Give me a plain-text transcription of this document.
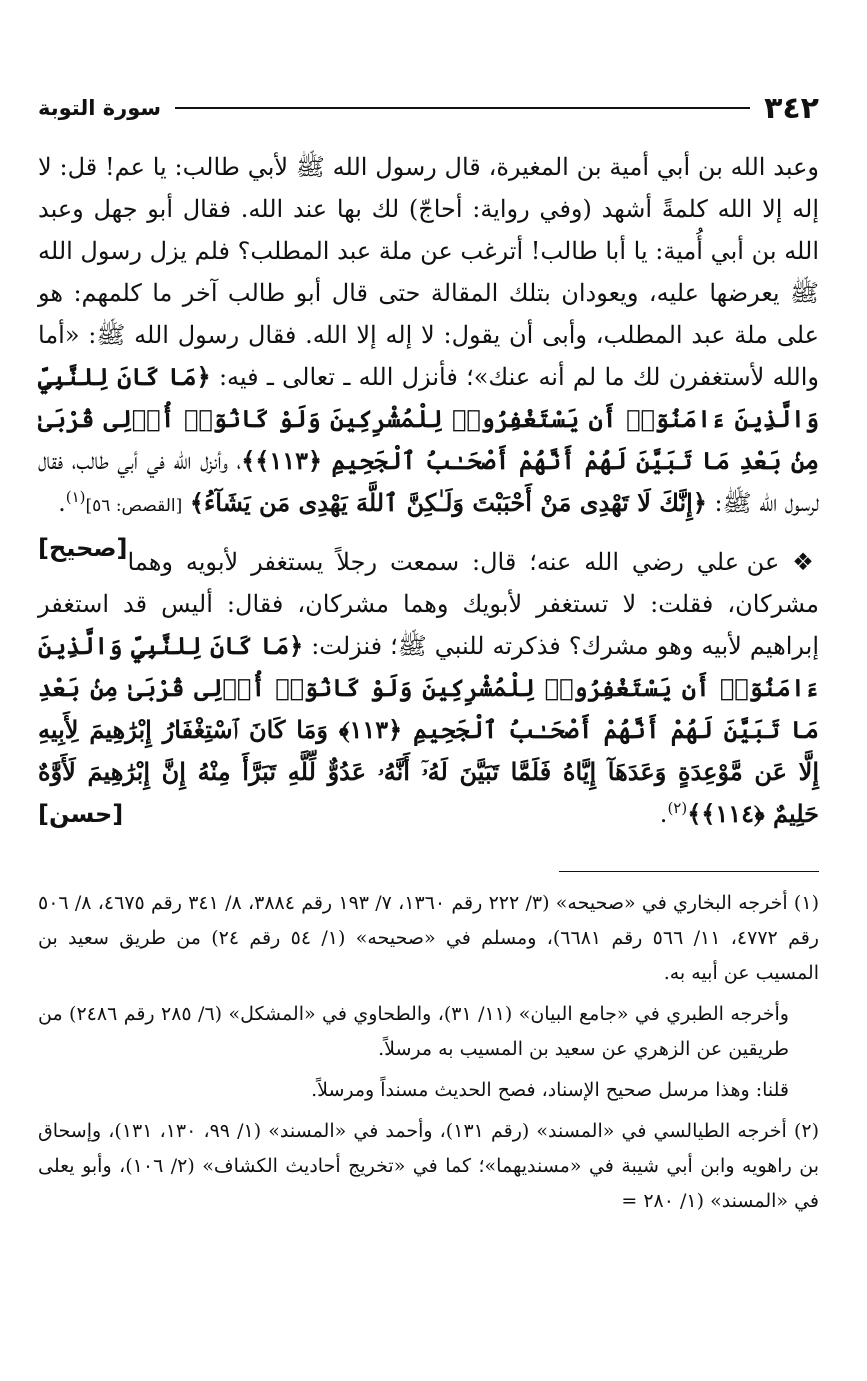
٣٤٢
سورة التوبة

وعبد الله بن أبي أمية بن المغيرة، قال رسول الله ﷺ لأبي طالب: يا عم! قل: لا إله إلا الله كلمةً أشهد (وفي رواية: أحاجّ) لك بها عند الله. فقال أبو جهل وعبد الله بن أبي أُمية: يا أبا طالب! أترغب عن ملة عبد المطلب؟ فلم يزل رسول الله ﷺ يعرضها عليه، ويعودان بتلك المقالة حتى قال أبو طالب آخر ما كلمهم: هو على ملة عبد المطلب، وأبى أن يقول: لا إله إلا الله. فقال رسول الله ﷺ: «أما والله لأستغفرن لك ما لم أنه عنك»؛ فأنزل الله ـ تعالى ـ فيه: ﴿مَا كَانَ لِلنَّبِيِّ وَالَّذِينَ ءَامَنُوٓا۟ أَن يَسْتَغْفِرُوا۟ لِلْمُشْرِكِينَ وَلَوْ كَانُوٓا۟ أُو۟لِى قُرْبَىٰ مِنۢ بَعْدِ مَا تَبَيَّنَ لَهُمْ أَنَّهُمْ أَصْحَـٰبُ ٱلْجَحِيمِ ﴿١١٣﴾﴾، وأنزل الله في أبي طالب، فقال لرسول الله ﷺ: ﴿إِنَّكَ لَا تَهْدِى مَنْ أَحْبَبْتَ وَلَـٰكِنَّ ٱللَّهَ يَهْدِى مَن يَشَآءُ﴾ [القصص: ٥٦]$^{(١)}$.
[صحيح]	❖ عن علي رضي الله عنه؛ قال: سمعت رجلاً يستغفر لأبويه وهما مشركان، فقلت: لا تستغفر لأبويك وهما مشركان، فقال: أليس قد استغفر إبراهيم لأبيه وهو مشرك؟ فذكرته للنبي ﷺ؛ فنزلت: ﴿مَا كَانَ لِلنَّبِيِّ وَالَّذِينَ ءَامَنُوٓا۟ أَن يَسْتَغْفِرُوا۟ لِلْمُشْرِكِينَ وَلَوْ كَانُوٓا۟ أُو۟لِى قُرْبَىٰ مِنۢ بَعْدِ مَا تَبَيَّنَ لَهُمْ أَنَّهُمْ أَصْحَـٰبُ ٱلْجَحِيمِ ﴿١١٣﴾ وَمَا كَانَ ٱسْتِغْفَارُ إِبْرَٰهِيمَ لِأَبِيهِ إِلَّا عَن مَّوْعِدَةٍ وَعَدَهَآ إِيَّاهُ فَلَمَّا تَبَيَّنَ لَهُۥٓ أَنَّهُۥ عَدُوٌّ لِّلَّهِ تَبَرَّأَ مِنْهُ إِنَّ إِبْرَٰهِيمَ لَأَوَّٰهٌ حَلِيمٌ ﴿١١٤﴾﴾$^{(٢)}$.
[حسن]

(١) أخرجه البخاري في «صحيحه» (٣/ ٢٢٢ رقم ١٣٦٠، ٧/ ١٩٣ رقم ٣٨٨٤، ٨/ ٣٤١ رقم ٤٦٧٥، ٨/ ٥٠٦ رقم ٤٧٧٢، ١١/ ٥٦٦ رقم ٦٦٨١)، ومسلم في «صحيحه» (١/ ٥٤ رقم ٢٤) من طريق سعيد بن المسيب عن أبيه به.

وأخرجه الطبري في «جامع البيان» (١١/ ٣١)، والطحاوي في «المشكل» (٦/ ٢٨٥ رقم ٢٤٨٦) من طريقين عن الزهري عن سعيد بن المسيب به مرسلاً.

قلنا: وهذا مرسل صحيح الإسناد، فصح الحديث مسنداً ومرسلاً.

(٢) أخرجه الطيالسي في «المسند» (رقم ١٣١)، وأحمد في «المسند» (١/ ٩٩، ١٣٠، ١٣١)، وإسحاق بن راهويه وابن أبي شيبة في «مسنديهما»؛ كما في «تخريج أحاديث الكشاف» (٢/ ١٠٦)، وأبو يعلى في «المسند» (١/ ٢٨٠ =
